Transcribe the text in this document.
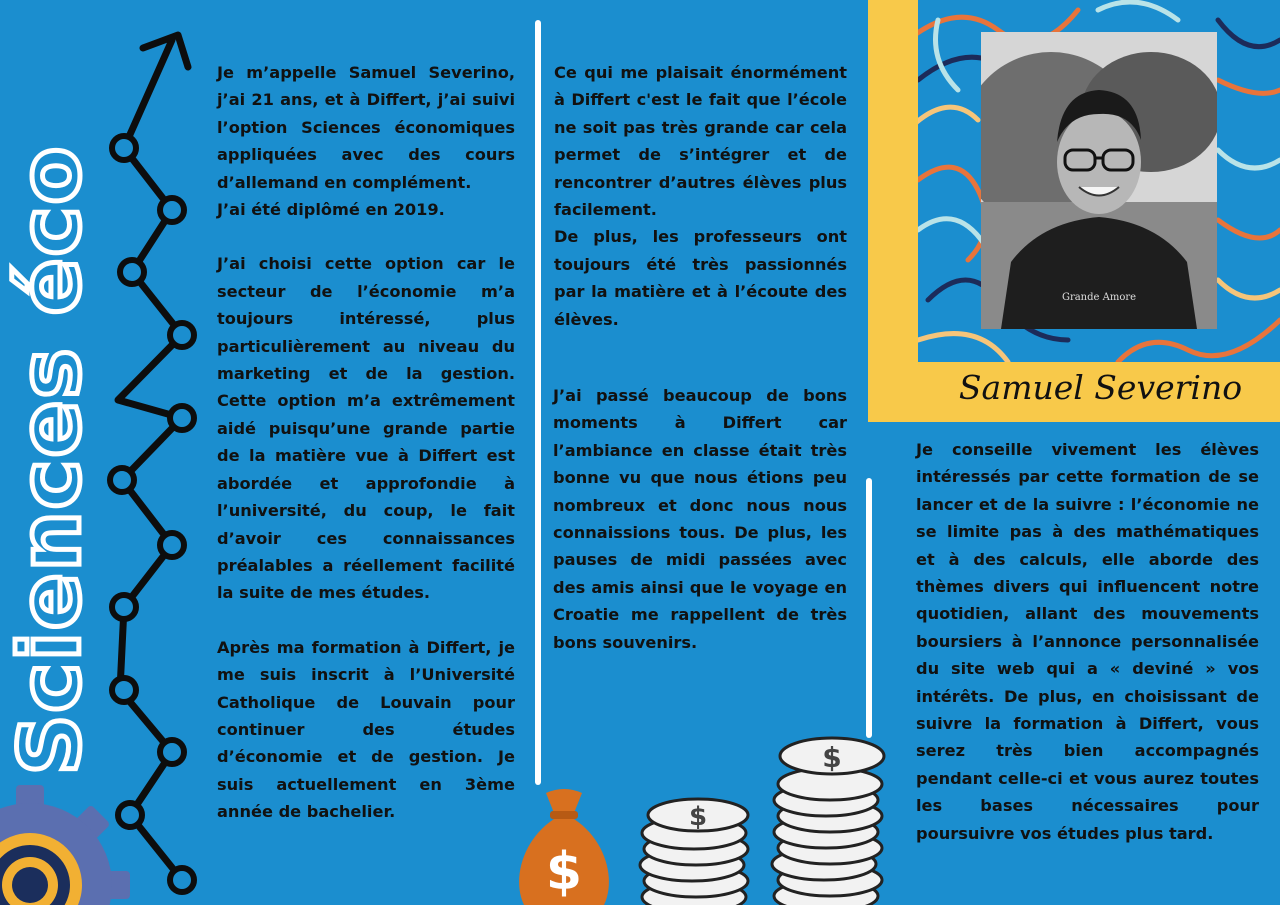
Sciences éco

Je m’appelle Samuel Severino, j’ai 21 ans, et à Differt, j’ai suivi l’option Sciences économiques appliquées avec des cours d’allemand en complément.

J’ai été diplômé en 2019.

J’ai choisi cette option car le secteur de l’économie m’a toujours intéressé, plus particulièrement au niveau du marketing et de la gestion. Cette option m’a extrêmement aidé puisqu’une grande partie de la matière vue à Differt est abordée et approfondie à l’université, du coup, le fait d’avoir ces connaissances préalables a réellement facilité la suite de mes études.

Après ma formation à Differt, je me suis inscrit à l’Université Catholique de Louvain pour continuer des études d’économie et de gestion. Je suis actuellement en 3ème année de bachelier.

Ce qui me plaisait énormément à Differt c'est le fait que l’école ne soit pas très grande car cela permet de s’intégrer et de rencontrer d’autres élèves plus facilement.

De plus, les professeurs ont toujours été très passionnés par la matière et à l’écoute des élèves.

J’ai passé beaucoup de bons moments à Differt car l’ambiance en classe était très bonne vu que nous étions peu nombreux et donc nous nous connaissions tous. De plus, les pauses de midi passées avec des amis ainsi que le voyage en Croatie me rappellent de très bons souvenirs.

$
$
$
Grande Amore
Samuel Severino

Je conseille vivement les élèves intéressés par cette formation de se lancer et de la suivre : l’économie ne se limite pas à des mathématiques et à des calculs, elle aborde des thèmes divers qui influencent notre quotidien, allant des mouvements boursiers à l’annonce personnalisée du site web qui a « deviné » vos intérêts. De plus, en choisissant de suivre la formation à Differt, vous serez très bien accompagnés pendant celle-ci et vous aurez toutes les bases nécessaires pour poursuivre vos études plus tard.
